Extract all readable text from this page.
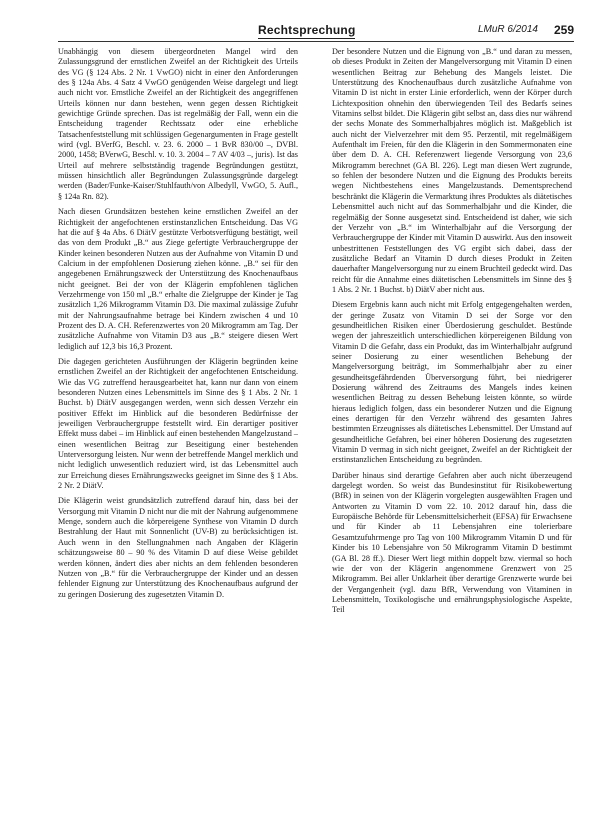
Rechtsprechung	LMuR 6/2014 259

Unabhängig von diesem übergeordneten Mangel wird den Zulassungsgrund der ernstlichen Zweifel an der Richtigkeit des Urteils des VG (§ 124 Abs. 2 Nr. 1 VwGO) nicht in einer den Anforderungen des § 124a Abs. 4 Satz 4 VwGO genügenden Weise dargelegt und liegt auch nicht vor. Ernstliche Zweifel an der Richtigkeit des angegriffenen Urteils können nur dann bestehen, wenn gegen dessen Richtigkeit gewichtige Gründe sprechen. Das ist regelmäßig der Fall, wenn ein die Entscheidung tragender Rechtssatz oder eine erhebliche Tatsachenfeststellung mit schlüssigen Gegenargumenten in Frage gestellt wird (vgl. BVerfG, Beschl. v. 23. 6. 2000 – 1 BvR 830/00 –, DVBl. 2000, 1458; BVerwG, Beschl. v. 10. 3. 2004 – 7 AV 4/03 –, juris). Ist das Urteil auf mehrere selbstständig tragende Begründungen gestützt, müssen hinsichtlich aller Begründungen Zulassungsgründe dargelegt werden (Bader/Funke-Kaiser/Stuhlfauth/von Albedyll, VwGO, 5. Aufl., § 124a Rn. 82).

Nach diesen Grundsätzen bestehen keine ernstlichen Zweifel an der Richtigkeit der angefochtenen erstinstanzlichen Entscheidung. Das VG hat die auf § 4a Abs. 6 DiätV gestützte Verbotsverfügung bestätigt, weil das von dem Produkt „B.“ aus Ziege gefertigte Verbrauchergruppe der Kinder keinen besonderen Nutzen aus der Aufnahme von Vitamin D und Calcium in der empfohlenen Dosierung ziehen könne. „B.“ sei für den angegebenen Ernährungszweck der Unterstützung des Knochenaufbaus nicht geeignet. Bei der von der Klägerin empfohlenen täglichen Verzehrmenge von 150 ml „B.“ erhalte die Zielgruppe der Kinder je Tag zusätzlich 1,26 Mikrogramm Vitamin D3. Die maximal zulässige Zufuhr mit der Nahrungsaufnahme betrage bei Kindern zwischen 4 und 10 Prozent des D. A. CH. Referenzwertes von 20 Mikrogramm am Tag. Der zusätzliche Aufnahme von Vitamin D3 aus „B.“ steigere diesen Wert lediglich auf 12,3 bis 16,3 Prozent.

Die dagegen gerichteten Ausführungen der Klägerin begründen keine ernstlichen Zweifel an der Richtigkeit der angefochtenen Entscheidung. Wie das VG zutreffend herausgearbeitet hat, kann nur dann von einem besonderen Nutzen eines Lebensmittels im Sinne des § 1 Abs. 2 Nr. 1 Buchst. b) DiätV ausgegangen werden, wenn sich dessen Verzehr ein positiver Effekt im Hinblick auf die besonderen Bedürfnisse der jeweiligen Verbrauchergruppe feststellt wird. Ein derartiger positiver Effekt muss dabei – im Hinblick auf einen bestehenden Mangelzustand – einen wesentlichen Beitrag zur Beseitigung einer bestehenden Unterversorgung leisten. Nur wenn der betreffende Mangel merklich und nicht lediglich unwesentlich reduziert wird, ist das Lebensmittel auch zur Erreichung dieses Ernährungszwecks geeignet im Sinne des § 1 Abs. 2 Nr. 2 DiätV.

Die Klägerin weist grundsätzlich zutreffend darauf hin, dass bei der Versorgung mit Vitamin D nicht nur die mit der Nahrung aufgenommene Menge, sondern auch die körpereigene Synthese von Vitamin D durch Bestrahlung der Haut mit Sonnenlicht (UV-B) zu berücksichtigen ist. Auch wenn in den Stellungnahmen nach Angaben der Klägerin schätzungsweise 80 – 90 % des Vitamin D auf diese Weise gebildet werden können, ändert dies aber nichts an dem fehlenden besonderen Nutzen von „B.“ für die Verbrauchergruppe der Kinder und an dessen fehlender Eignung zur Unterstützung des Knochenaufbaus aufgrund der zu geringen Dosierung des zugesetzten Vitamin D.

Der besondere Nutzen und die Eignung von „B.“ und daran zu messen, ob dieses Produkt in Zeiten der Mangelversorgung mit Vitamin D einen wesentlichen Beitrag zur Behebung des Mangels leistet. Die Unterstützung des Knochenaufbaus durch zusätzliche Aufnahme von Vitamin D ist nicht in erster Linie erforderlich, wenn der Körper durch Lichtexposition ohnehin den überwiegenden Teil des Bedarfs seines Vitamins selbst bildet. Die Klägerin gibt selbst an, dass dies nur während der sechs Monate des Sommerhalbjahres möglich ist. Maßgeblich ist auch nicht der Vielverzehrer mit dem 95. Perzentil, mit regelmäßigem Aufenthalt im Freien, für den die Klägerin in den Sommermonaten eine über dem D. A. CH. Referenzwert liegende Versorgung von 23,6 Mikrogramm berechnet (GA Bl. 226). Legt man diesen Wert zugrunde, so fehlen der besondere Nutzen und die Eignung des Produkts bereits wegen Nichtbestehens eines Mangelzustands. Dementsprechend beschränkt die Klägerin die Vermarktung ihres Produktes als diätetisches Lebensmittel auch nicht auf das Sommerhalbjahr und die Kinder, die regelmäßig der Sonne ausgesetzt sind. Entscheidend ist daher, wie sich der Verzehr von „B.“ im Winterhalbjahr auf die Versorgung der Verbrauchergruppe der Kinder mit Vitamin D auswirkt. Aus den insoweit unbestrittenen Feststellungen des VG ergibt sich dabei, dass der zusätzliche Bedarf an Vitamin D durch dieses Produkt in Zeiten dauerhafter Mangelversorgung nur zu einem Bruchteil gedeckt wird. Das reicht für die Annahme eines diätetischen Lebensmittels im Sinne des § 1 Abs. 2 Nr. 1 Buchst. b) DiätV aber nicht aus.

Diesem Ergebnis kann auch nicht mit Erfolg entgegengehalten werden, der geringe Zusatz von Vitamin D sei der Sorge vor den gesundheitlichen Risiken einer Überdosierung geschuldet. Bestünde wegen der jahreszeitlich unterschiedlichen körpereigenen Bildung von Vitamin D die Gefahr, dass ein Produkt, das im Winterhalbjahr aufgrund seiner Dosierung zu einer wesentlichen Behebung der Mangelversorgung beiträgt, im Sommerhalbjahr aber zu einer gesundheitsgefährdenden Überversorgung führt, bei niedrigerer Dosierung während des Zeitraums des Mangels indes keinen wesentlichen Beitrag zu dessen Behebung leisten könnte, so würde hieraus lediglich folgen, dass ein besonderer Nutzen und die Eignung eines derartigen für den Verzehr während des gesamten Jahres bestimmten Erzeugnisses als diätetisches Lebensmittel. Der Umstand auf gesundheitliche Gefahren, bei einer höheren Dosierung des zugesetzten Vitamin D vermag in sich nicht geeignet, Zweifel an der Richtigkeit der erstinstanzlichen Entscheidung zu begründen.

Darüber hinaus sind derartige Gefahren aber auch nicht überzeugend dargelegt worden. So weist das Bundesinstitut für Risikobewertung (BfR) in seinen von der Klägerin vorgelegten ausgewählten Fragen und Antworten zu Vitamin D vom 22. 10. 2012 darauf hin, dass die Europäische Behörde für Lebensmittelsicherheit (EFSA) für Erwachsene und für Kinder ab 11 Lebensjahren eine tolerierbare Gesamtzufuhrmenge pro Tag von 100 Mikrogramm Vitamin D und für Kinder bis 10 Lebensjahre von 50 Mikrogramm Vitamin D bestimmt (GA Bl. 28 ff.). Dieser Wert liegt mithin doppelt bzw. viermal so hoch wie der von der Klägerin angenommene Grenzwert von 25 Mikrogramm. Bei aller Unklarheit über derartige Grenzwerte wurde bei der Vergangenheit (vgl. dazu BfR, Verwendung von Vitaminen in Lebensmitteln, Toxikologische und ernährungsphysiologische Aspekte, Teil
